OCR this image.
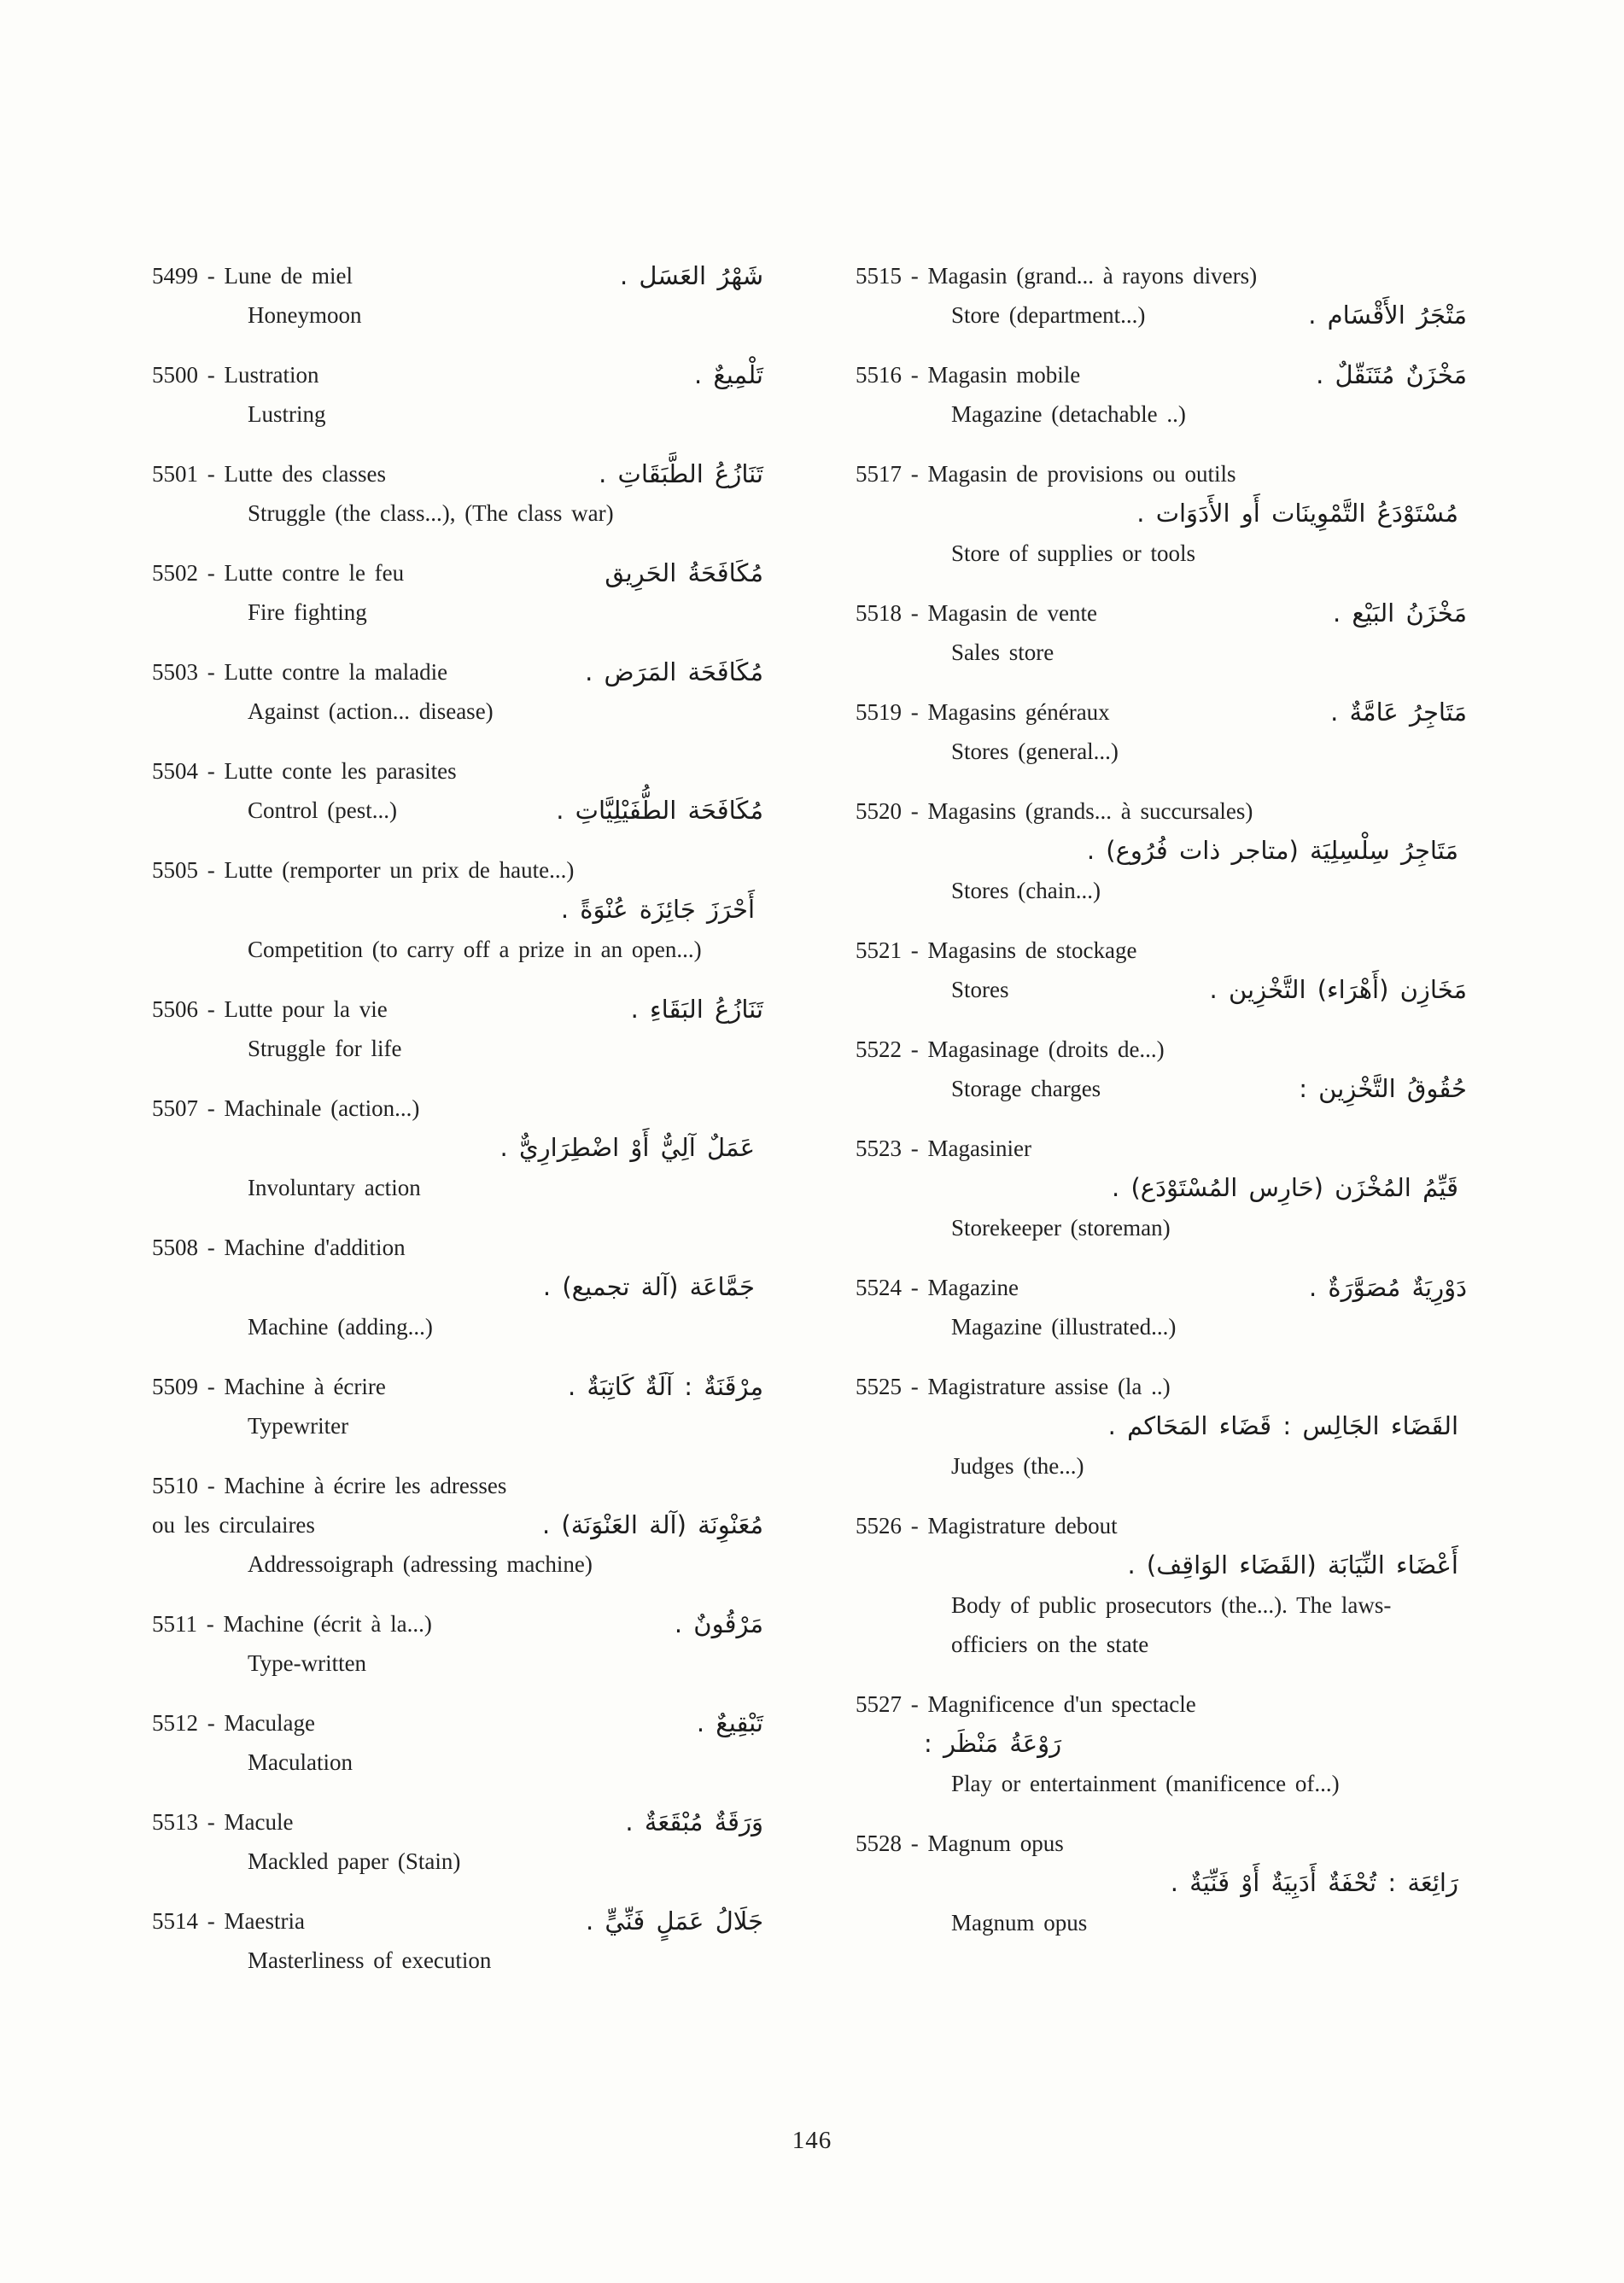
5499 - Lune de miel	شَهْرُ العَسَل .
Honeymoon
5500 - Lustration	تَلْمِيعٌ .
Lustring
5501 - Lutte des classes	تَنَازُعُ الطَّبَقَاتِ .
Struggle (the class...), (The class war)
5502 - Lutte contre le feu	مُكَافَحَةُ الحَرِيق
Fire fighting
5503 - Lutte contre la maladie	مُكَافَحَة المَرَض .
Against (action... disease)
5504 - Lutte conte les parasites
Control (pest...)	مُكَافَحَة الطُّفَيْلِيَّاتِ .
5505 - Lutte (remporter un prix de haute...)
أَحْرَزَ جَائِزَة عُنْوَةً .
Competition (to carry off a prize in an open...)
5506 - Lutte pour la vie	تَنَازُعُ البَقَاءِ .
Struggle for life
5507 - Machinale (action...)
عَمَلٌ آلِيٌّ أَوْ اضْطِرَارِيٌّ .
Involuntary action
5508 - Machine d'addition
جَمَّاعَة (آلة تجميع) .
Machine (adding...)
5509 - Machine à écrire	مِرْقَنَةٌ : آلَةٌ كَاتِبَةٌ .
Typewriter
5510 - Machine à écrire les adresses ou les circulaires	مُعَنْوِنَة (آلة العَنْوَنَة) .
Addressoigraph (adressing machine)
5511 - Machine (écrit à la...)	مَرْقُونٌ .
Type-written
5512 - Maculage	تَبْقِيعٌ .
Maculation
5513 - Macule	وَرَقَةٌ مُبْقَعَةٌ .
Mackled paper (Stain)
5514 - Maestria	جَلَالُ عَمَلٍ فَنِّيٍّ .
Masterliness of execution
5515 - Magasin (grand... à rayons divers)
Store (department...)	مَتْجَرُ الأَقْسَام .
5516 - Magasin mobile	مَخْزَنٌ مُتَنَقّلٌ .
Magazine (detachable ..)
5517 - Magasin de provisions ou outils
مُسْتَوْدَعُ التَّمْوِينَات أَو الأَدَوَات .
Store of supplies or tools
5518 - Magasin de vente	مَخْزَنُ البَيْع .
Sales store
5519 - Magasins généraux	مَتَاجِرُ عَامَّةٌ .
Stores (general...)
5520 - Magasins (grands... à succursales)
مَتَاجِرُ سِلْسِلِيَة (متاجر ذات فُرُوع) .
Stores (chain...)
5521 - Magasins de stockage
Stores	مَخَازِن (أَهْرَاء) التَّخْزِين .
5522 - Magasinage (droits de...)
Storage charges	حُقُوقُ التَّخْزِين :
5523 - Magasinier
قَيِّمُ المُخْزَن (حَارِس المُسْتَوْدَع) .
Storekeeper (storeman)
5524 - Magazine	دَوْرِيَةٌ مُصَوَّرَةٌ .
Magazine (illustrated...)
5525 - Magistrature assise (la ..)
القَضَاء الجَالِس : قَضَاء المَحَاكم .
Judges (the...)
5526 - Magistrature debout
أَعْضَاء النِّيَابَة (القَضَاء الوَاقِف) .
Body of public prosecutors (the...). The laws-officiers on the state
5527 - Magnificence d'un spectacle
رَوْعَةُ مَنْظَر :
Play or entertainment (manificence of...)
5528 - Magnum opus
رَائِعَة : تُحْفَةٌ أَدَبِيَةٌ أَوْ فَنِّيَةٌ .
Magnum opus
146
